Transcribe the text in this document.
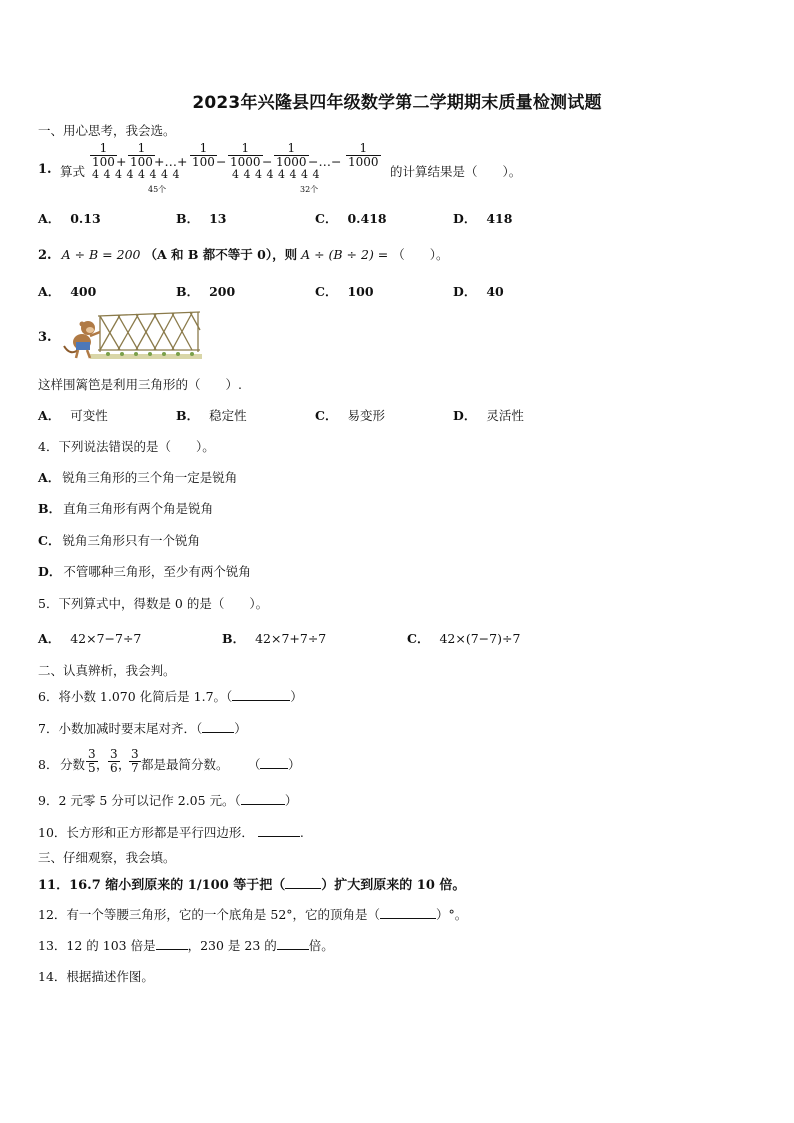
2023年兴隆县四年级数学第二学期期末质量检测试题
一、用心思考，我会选。
1. 算式
$\frac{1}{100} + \frac{1}{100}$ +…+ $\frac{1}{100} - \frac{1}{1000} - \frac{1}{1000}$ −…− $\frac{1}{1000}$
4 4 4 4 4 4 4 4
45个
4 4 4 4 4 4 4 4
32个
的计算结果是（　　）。
A． 0.13	B． 13	C． 0.418	D． 418
2. A ÷ B = 200 （A 和 B 都不等于 0），则 A ÷ (B ÷ 2) = （　　）。
A． 400	B． 200	C． 100	D． 40
3.
这样围篱笆是利用三角形的（　　）.
A． 可变性	B． 稳定性	C． 易变形	D． 灵活性
4．下列说法错误的是（　　）。
A． 锐角三角形的三个角一定是锐角
B． 直角三角形有两个角是锐角
C． 锐角三角形只有一个锐角
D． 不管哪种三角形，至少有两个锐角
5．下列算式中，得数是 0 的是（　　）。
A． 42×7−7÷7	B． 42×7+7÷7	C． 42×(7−7)÷7
二、认真辨析，我会判。
6．将小数 1.070 化简后是 1.7。（	）
7．小数加减时要末尾对齐．（	）
8． 分数 $\frac{3}{5}$
， $\frac{3}{6}$
，
$\frac{3}{7}$ 都是最简分数。 （ ）
9．2 元零 5 分可以记作 2.05 元。（	）
10．长方形和正方形都是平行四边形．	.
三、仔细观察，我会填。
11．16.7 缩小到原来的 1/100 等于把（	）扩大到原来的 10 倍。
12．有一个等腰三角形，它的一个底角是 52°，它的顶角是（	）°。
13．12 的 103 倍是	，230 是 23 的	倍。
14．根据描述作图。
